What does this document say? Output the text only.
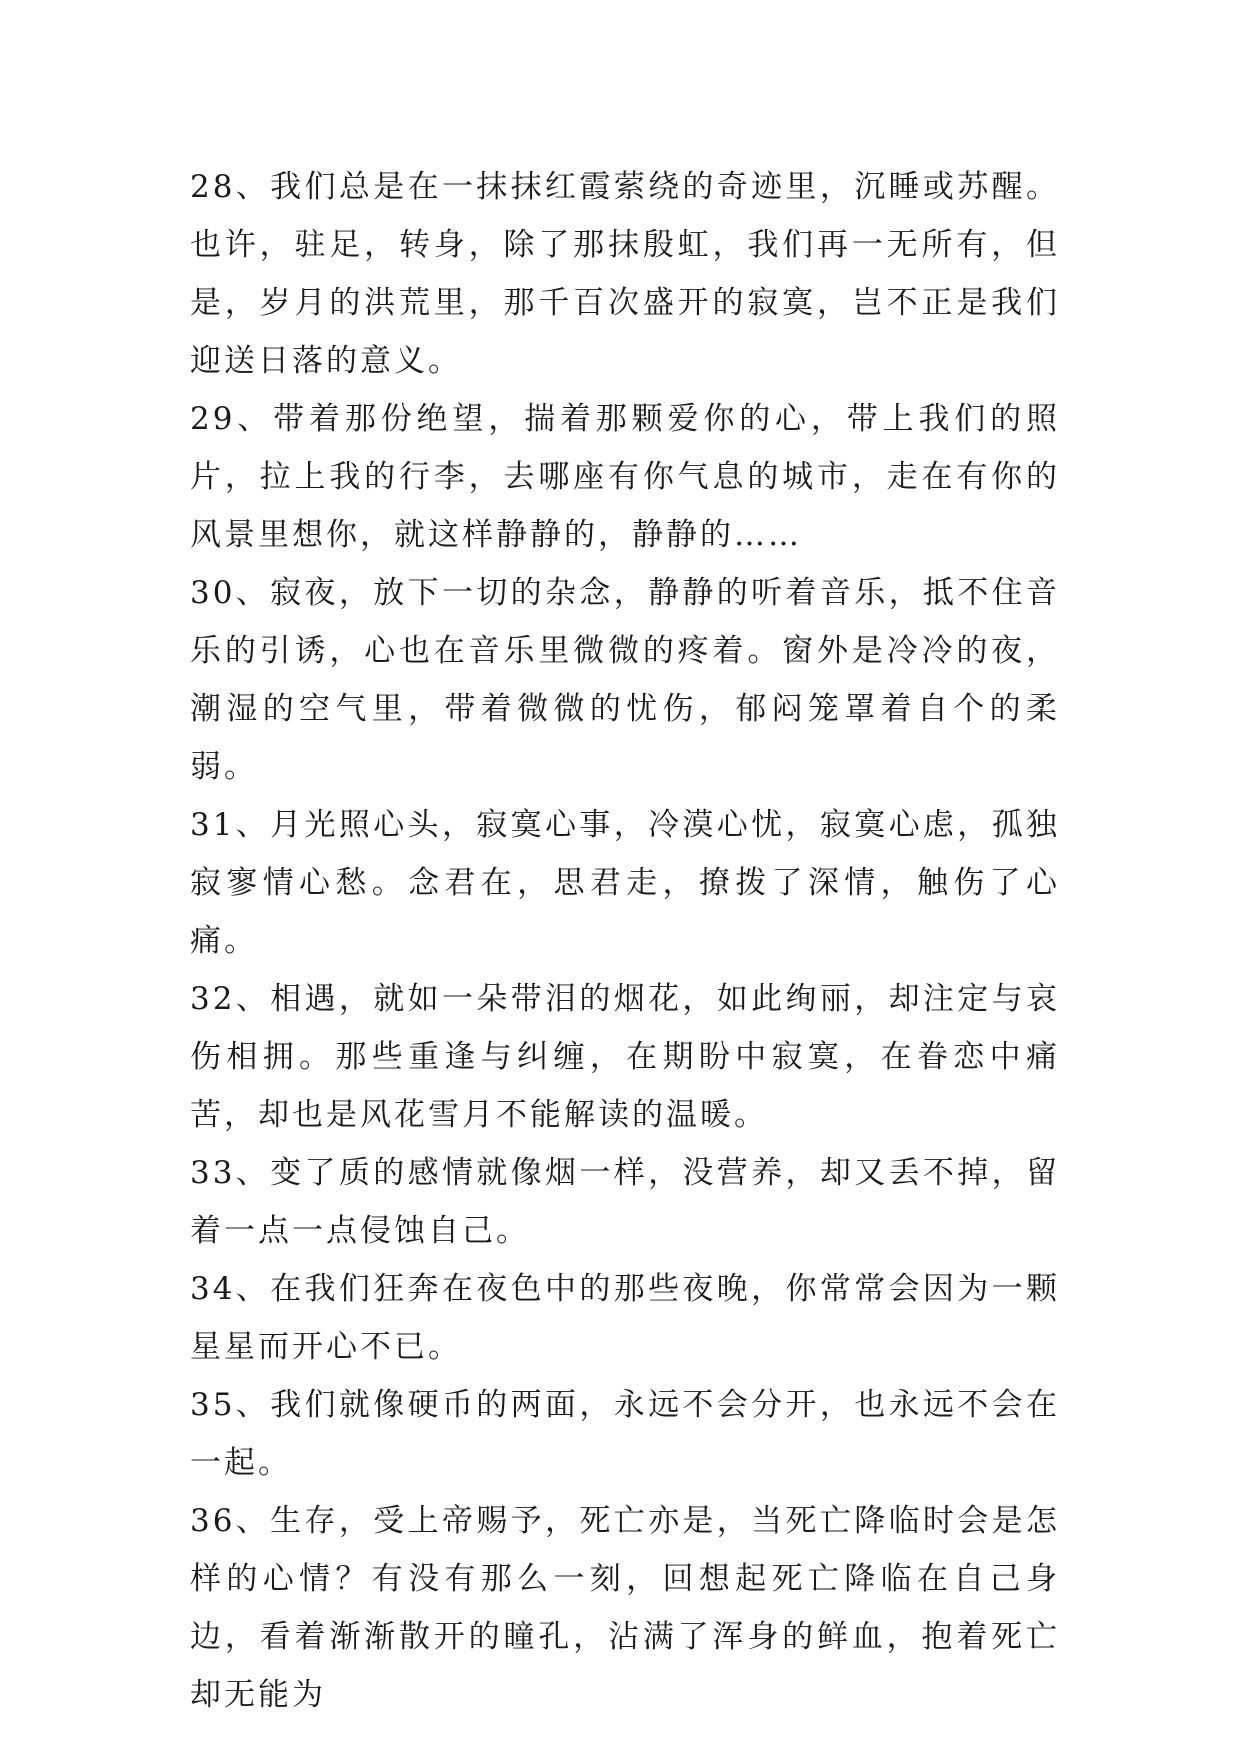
28、我们总是在一抹抹红霞萦绕的奇迹里，沉睡或苏醒。也许，驻足，转身，除了那抹殷虹，我们再一无所有，但是，岁月的洪荒里，那千百次盛开的寂寞，岂不正是我们迎送日落的意义。

29、带着那份绝望，揣着那颗爱你的心，带上我们的照片，拉上我的行李，去哪座有你气息的城市，走在有你的风景里想你，就这样静静的，静静的……

30、寂夜，放下一切的杂念，静静的听着音乐，抵不住音乐的引诱，心也在音乐里微微的疼着。窗外是冷冷的夜，潮湿的空气里，带着微微的忧伤，郁闷笼罩着自个的柔弱。

31、月光照心头，寂寞心事，冷漠心忧，寂寞心虑，孤独寂寥情心愁。念君在，思君走，撩拨了深情，触伤了心痛。

32、相遇，就如一朵带泪的烟花，如此绚丽，却注定与哀伤相拥。那些重逢与纠缠，在期盼中寂寞，在眷恋中痛苦，却也是风花雪月不能解读的温暖。

33、变了质的感情就像烟一样，没营养，却又丢不掉，留着一点一点侵蚀自己。

34、在我们狂奔在夜色中的那些夜晚，你常常会因为一颗星星而开心不已。

35、我们就像硬币的两面，永远不会分开，也永远不会在一起。

36、生存，受上帝赐予，死亡亦是，当死亡降临时会是怎样的心情？有没有那么一刻，回想起死亡降临在自己身边，看着渐渐散开的瞳孔，沾满了浑身的鲜血，抱着死亡却无能为
